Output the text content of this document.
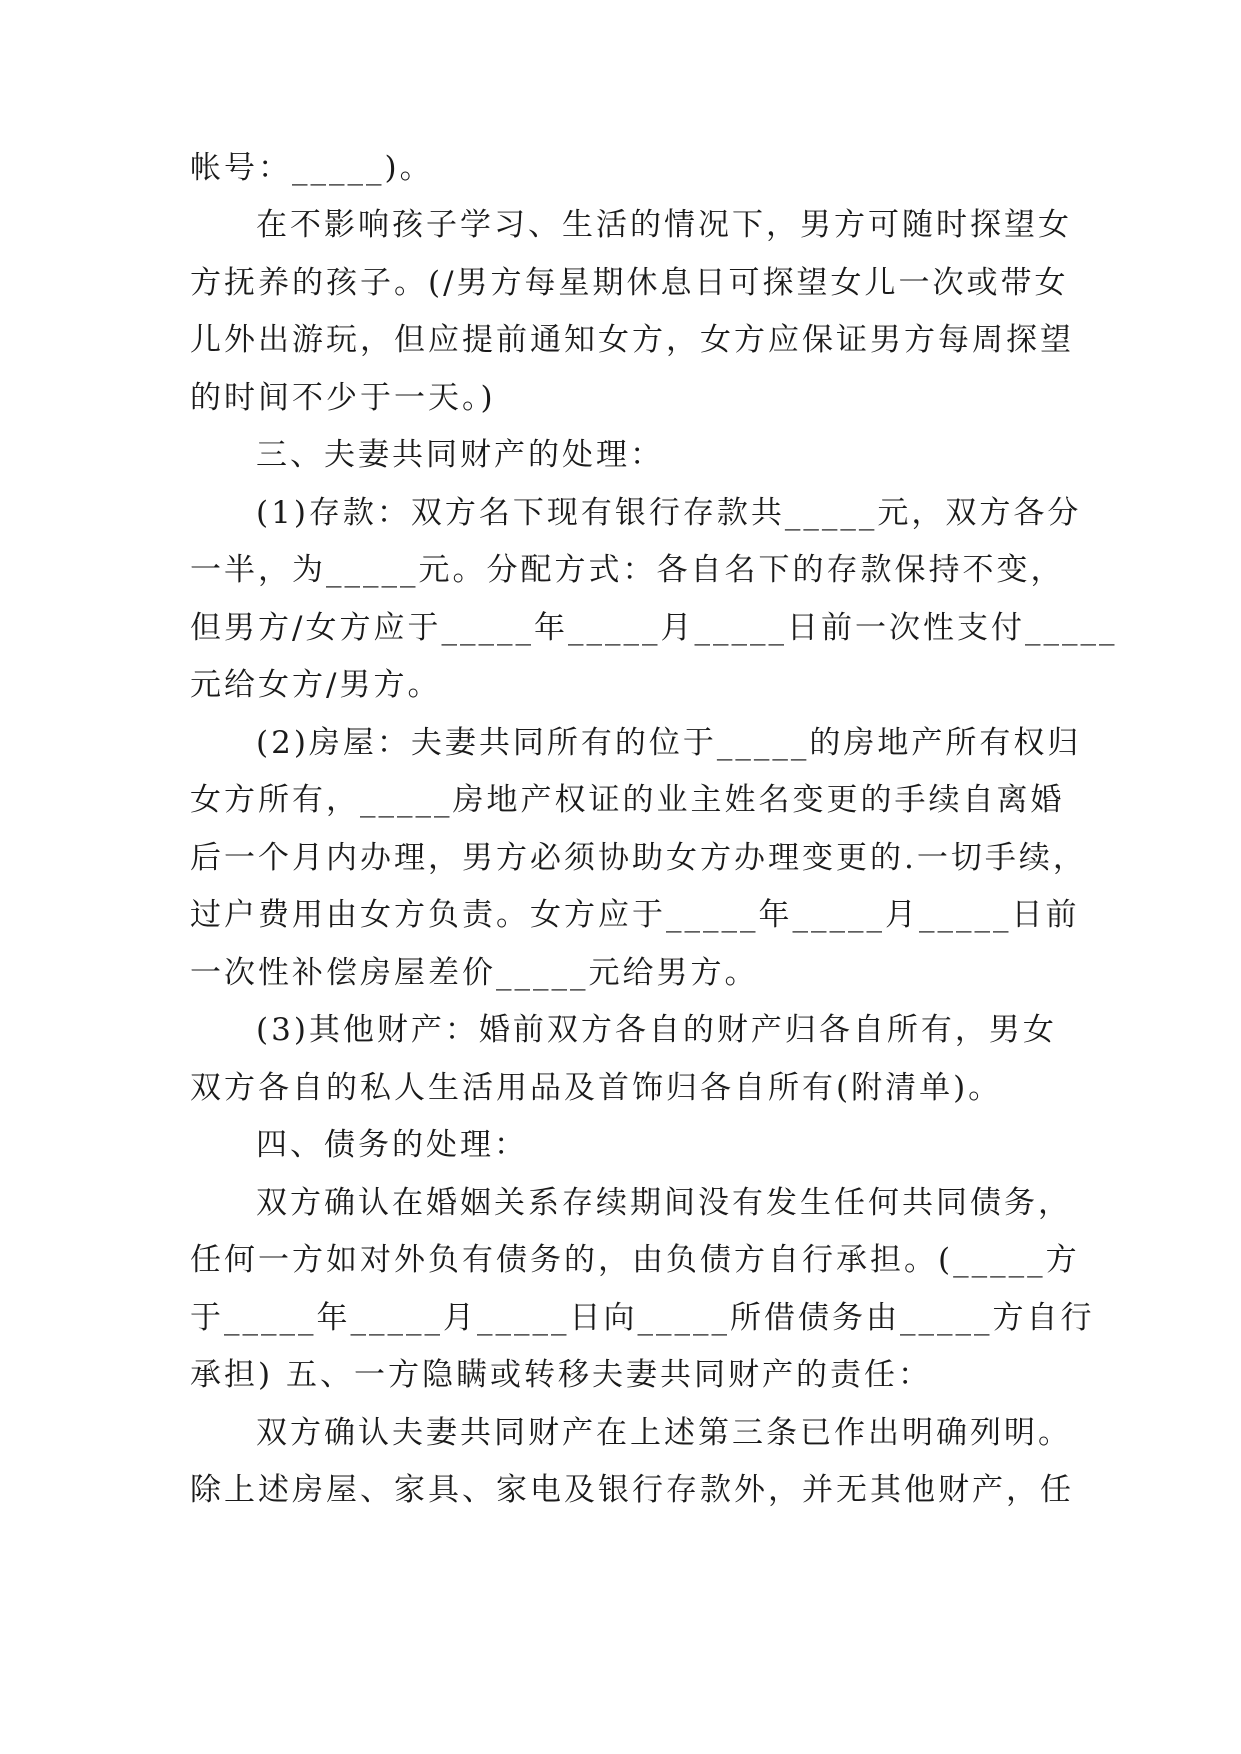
帐号：_____)。

在不影响孩子学习、生活的情况下，男方可随时探望女

方抚养的孩子。(/男方每星期休息日可探望女儿一次或带女

儿外出游玩，但应提前通知女方，女方应保证男方每周探望

的时间不少于一天。)

三、夫妻共同财产的处理：

(1)存款：双方名下现有银行存款共_____元，双方各分

一半，为_____元。分配方式：各自名下的存款保持不变，

但男方/女方应于_____年_____月_____日前一次性支付_____

元给女方/男方。

(2)房屋：夫妻共同所有的位于_____的房地产所有权归

女方所有，_____房地产权证的业主姓名变更的手续自离婚

后一个月内办理，男方必须协助女方办理变更的.一切手续，

过户费用由女方负责。女方应于_____年_____月_____日前

一次性补偿房屋差价_____元给男方。

(3)其他财产：婚前双方各自的财产归各自所有，男女

双方各自的私人生活用品及首饰归各自所有(附清单)。

四、债务的处理：

双方确认在婚姻关系存续期间没有发生任何共同债务，

任何一方如对外负有债务的，由负债方自行承担。(_____方

于_____年_____月_____日向_____所借债务由_____方自行

承担) 五、一方隐瞒或转移夫妻共同财产的责任：

双方确认夫妻共同财产在上述第三条已作出明确列明。

除上述房屋、家具、家电及银行存款外，并无其他财产，任
